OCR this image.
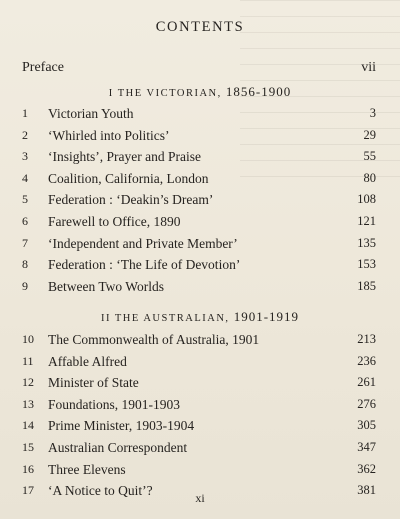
CONTENTS
Preface	vii
I THE VICTORIAN, 1856-1900
1 Victorian Youth	3
2 ‘Whirled into Politics’	29
3 ‘Insights’, Prayer and Praise	55
4 Coalition, California, London	80
5 Federation : ‘Deakin’s Dream’	108
6 Farewell to Office, 1890	121
7 ‘Independent and Private Member’	135
8 Federation : ‘The Life of Devotion’	153
9 Between Two Worlds	185
II THE AUSTRALIAN, 1901-1919
10 The Commonwealth of Australia, 1901	213
11 Affable Alfred	236
12 Minister of State	261
13 Foundations, 1901-1903	276
14 Prime Minister, 1903-1904	305
15 Australian Correspondent	347
16 Three Elevens	362
17 ‘A Notice to Quit’?	381
xi
